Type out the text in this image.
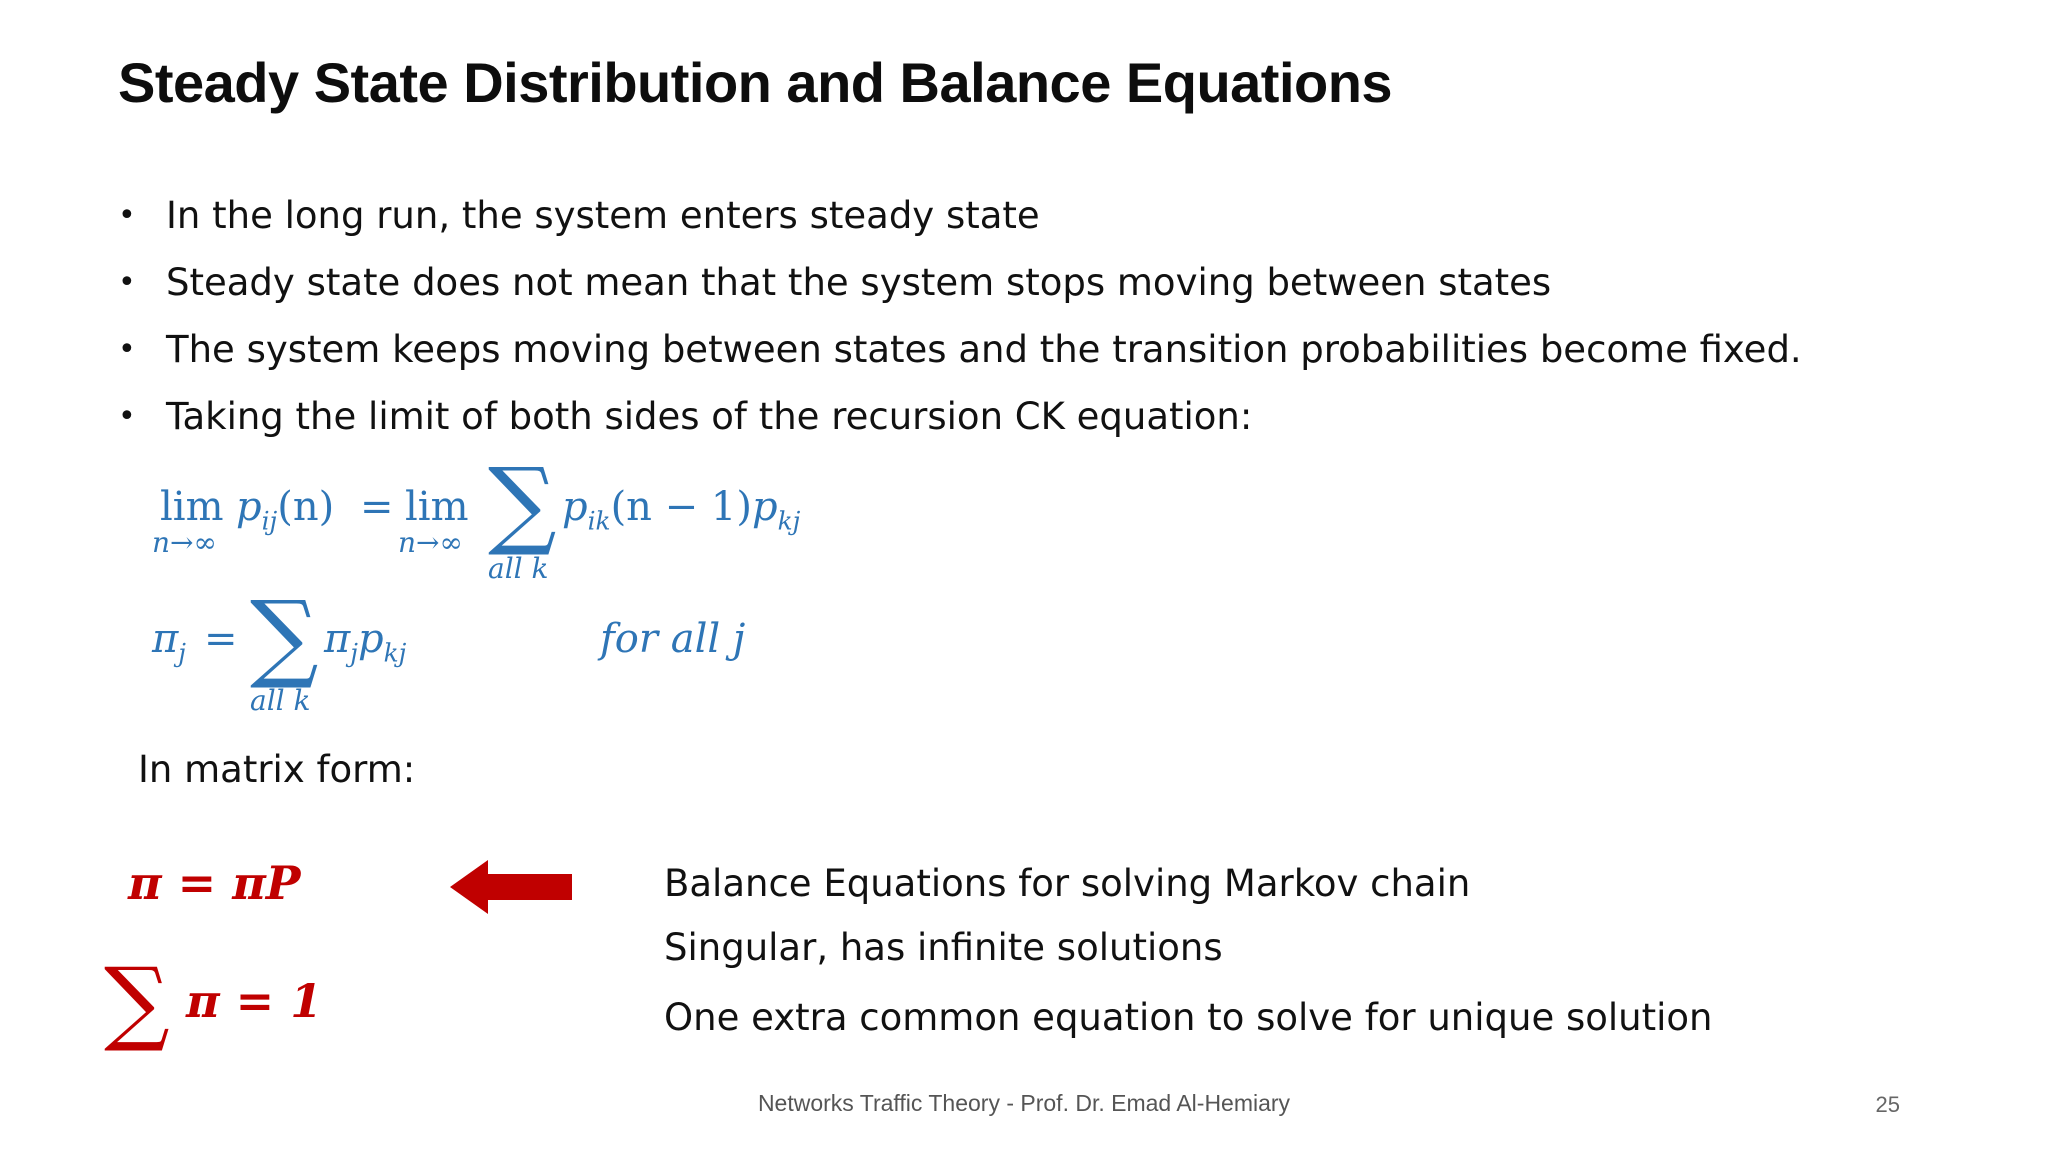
Steady State Distribution and Balance Equations
• In the long run, the system enters steady state
• Steady state does not mean that the system stops moving between states
• The system keeps moving between states and the transition probabilities become fixed.
• Taking the limit of both sides of the recursion CK equation:
lim
n→∞
$p_{ij}(n) = \lim$
n→∞ ∑
all k
$p_{ik}(n - 1)p_{kj}$
$\pi_j$ = ∑
all k
$\pi_jp_{kj}$	for all j
In matrix form:
π = πP
∑ π = 1
Balance Equations for solving Markov chain
Singular, has infinite solutions
One extra common equation to solve for unique solution
Networks Traffic Theory - Prof. Dr. Emad Al-Hemiary	25
